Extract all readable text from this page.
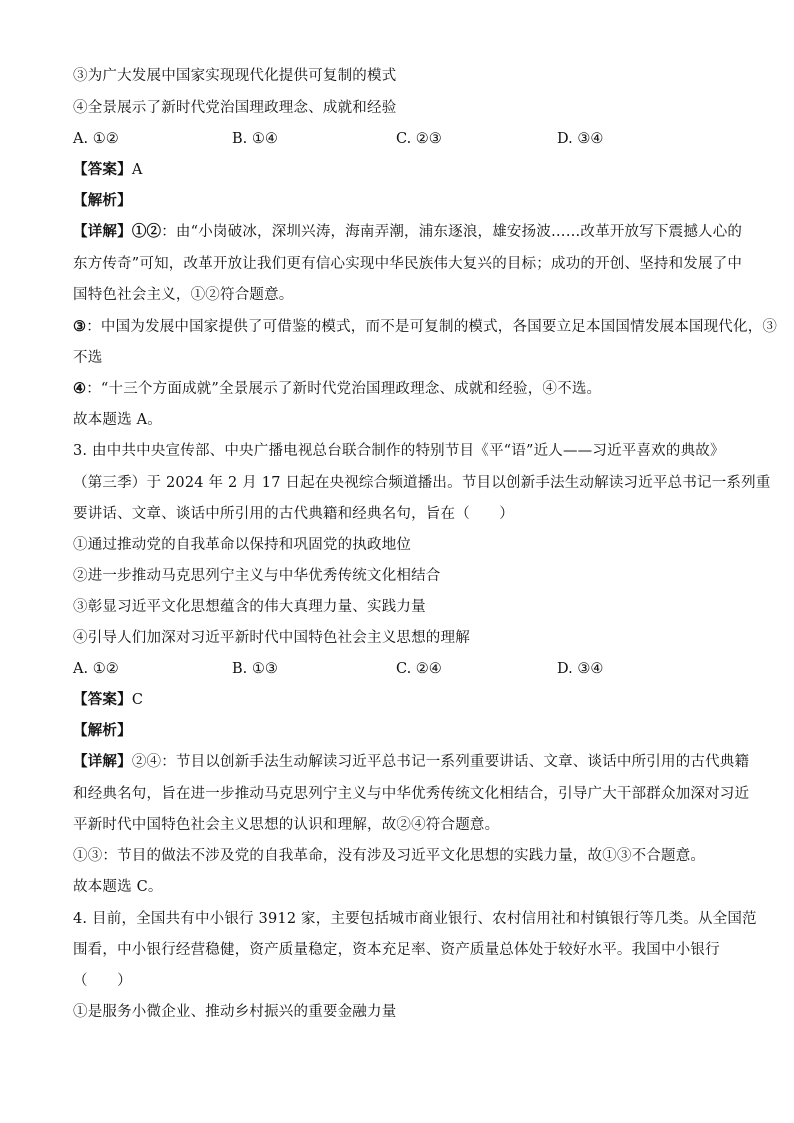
③为广大发展中国家实现现代化提供可复制的模式
④全景展示了新时代党治国理政理念、成就和经验
A. ①②	B. ①④	C. ②③	D. ③④
【答案】A
【解析】
【详解】①②：由“小岗破冰，深圳兴涛，海南弄潮，浦东逐浪，雄安扬波……改革开放写下震撼人心的
东方传奇”可知，改革开放让我们更有信心实现中华民族伟大复兴的目标；成功的开创、坚持和发展了中
国特色社会主义，①②符合题意。
③：中国为发展中国家提供了可借鉴的模式，而不是可复制的模式，各国要立足本国国情发展本国现代化，③
不选
④：“十三个方面成就”全景展示了新时代党治国理政理念、成就和经验，④不选。
故本题选 A。
3. 由中共中央宣传部、中央广播电视总台联合制作的特别节目《平“语”近人——习近平喜欢的典故》
（第三季）于 2024 年 2 月 17 日起在央视综合频道播出。节目以创新手法生动解读习近平总书记一系列重
要讲话、文章、谈话中所引用的古代典籍和经典名句，旨在（　　）
①通过推动党的自我革命以保持和巩固党的执政地位
②进一步推动马克思列宁主义与中华优秀传统文化相结合
③彰显习近平文化思想蕴含的伟大真理力量、实践力量
④引导人们加深对习近平新时代中国特色社会主义思想的理解
A. ①②	B. ①③	C. ②④	D. ③④
【答案】C
【解析】
【详解】②④：节目以创新手法生动解读习近平总书记一系列重要讲话、文章、谈话中所引用的古代典籍
和经典名句，旨在进一步推动马克思列宁主义与中华优秀传统文化相结合，引导广大干部群众加深对习近
平新时代中国特色社会主义思想的认识和理解，故②④符合题意。
①③：节目的做法不涉及党的自我革命，没有涉及习近平文化思想的实践力量，故①③不合题意。
故本题选 C。
4. 目前，全国共有中小银行 3912 家，主要包括城市商业银行、农村信用社和村镇银行等几类。从全国范
围看，中小银行经营稳健，资产质量稳定，资本充足率、资产质量总体处于较好水平。我国中小银行
（　　）
①是服务小微企业、推动乡村振兴的重要金融力量
